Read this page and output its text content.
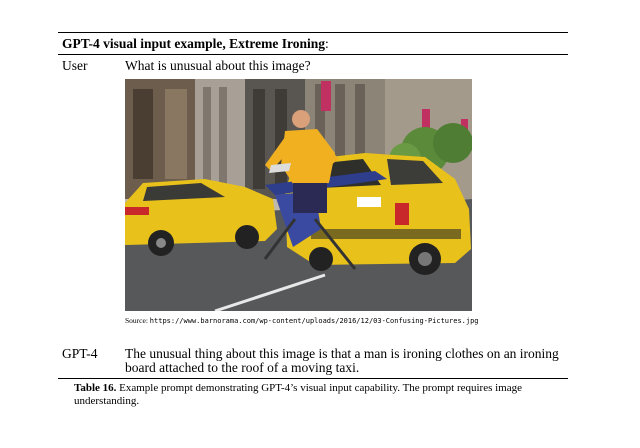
GPT-4 visual input example, Extreme Ironing:
User	What is unusual about this image?
Source: https://www.barnorama.com/wp-content/uploads/2016/12/03-Confusing-Pictures.jpg
GPT-4 The unusual thing about this image is that a man is ironing clothes on an ironing
board attached to the roof of a moving taxi.
Table 16. Example prompt demonstrating GPT-4’s visual input capability. The prompt requires image
understanding.
